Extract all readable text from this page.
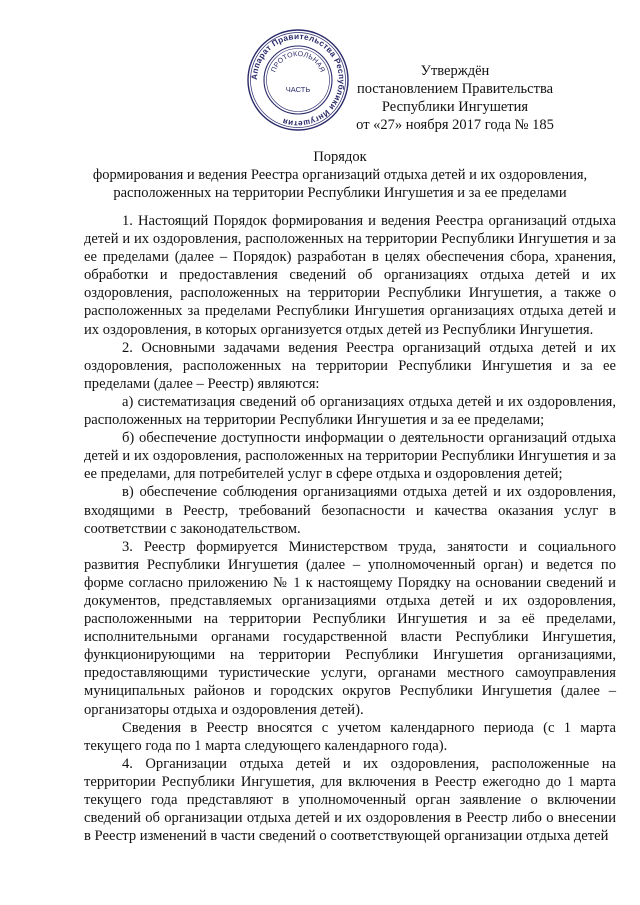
Аппарат Правительства Республики Ингушетия
ПРОТОКОЛЬНАЯ
ЧАСТЬ
Утверждён
постановлением Правительства
Республики Ингушетия
от «27» ноября 2017 года № 185
Порядок
формирования и ведения Реестра организаций отдыха детей и их оздоровления,
расположенных на территории Республики Ингушетия и за ее пределами

1. Настоящий Порядок формирования и ведения Реестра организаций отдыха детей и их оздоровления, расположенных на территории Республики Ингушетия и за ее пределами (далее – Порядок) разработан в целях обеспечения сбора, хранения, обработки и предоставления сведений об организациях отдыха детей и их оздоровления, расположенных на территории Республики Ингушетия, а также о расположенных за пределами Республики Ингушетия организациях отдыха детей и их оздоровления, в которых организуется отдых детей из Республики Ингушетия.

2. Основными задачами ведения Реестра организаций отдыха детей и их оздоровления, расположенных на территории Республики Ингушетия и за ее пределами (далее – Реестр) являются:

а) систематизация сведений об организациях отдыха детей и их оздоровления, расположенных на территории Республики Ингушетия и за ее пределами;

б) обеспечение доступности информации о деятельности организаций отдыха детей и их оздоровления, расположенных на территории Республики Ингушетия и за ее пределами, для потребителей услуг в сфере отдыха и оздоровления детей;

в) обеспечение соблюдения организациями отдыха детей и их оздоровления, входящими в Реестр, требований безопасности и качества оказания услуг в соответствии с законодательством.

3. Реестр формируется Министерством труда, занятости и социального развития Республики Ингушетия (далее – уполномоченный орган) и ведется по форме согласно приложению № 1 к настоящему Порядку на основании сведений и документов, представляемых организациями отдыха детей и их оздоровления, расположенными на территории Республики Ингушетия и за её пределами, исполнительными органами государственной власти Республики Ингушетия, функционирующими на территории Республики Ингушетия организациями, предоставляющими туристические услуги, органами местного самоуправления муниципальных районов и городских округов Республики Ингушетия (далее – организаторы отдыха и оздоровления детей).

Сведения в Реестр вносятся с учетом календарного периода (с 1 марта текущего года по 1 марта следующего календарного года).

4. Организации отдыха детей и их оздоровления, расположенные на территории Республики Ингушетия, для включения в Реестр ежегодно до 1 марта текущего года представляют в уполномоченный орган заявление о включении сведений об организации отдыха детей и их оздоровления в Реестр либо о внесении в Реестр изменений в части сведений о соответствующей организации отдыха детей
